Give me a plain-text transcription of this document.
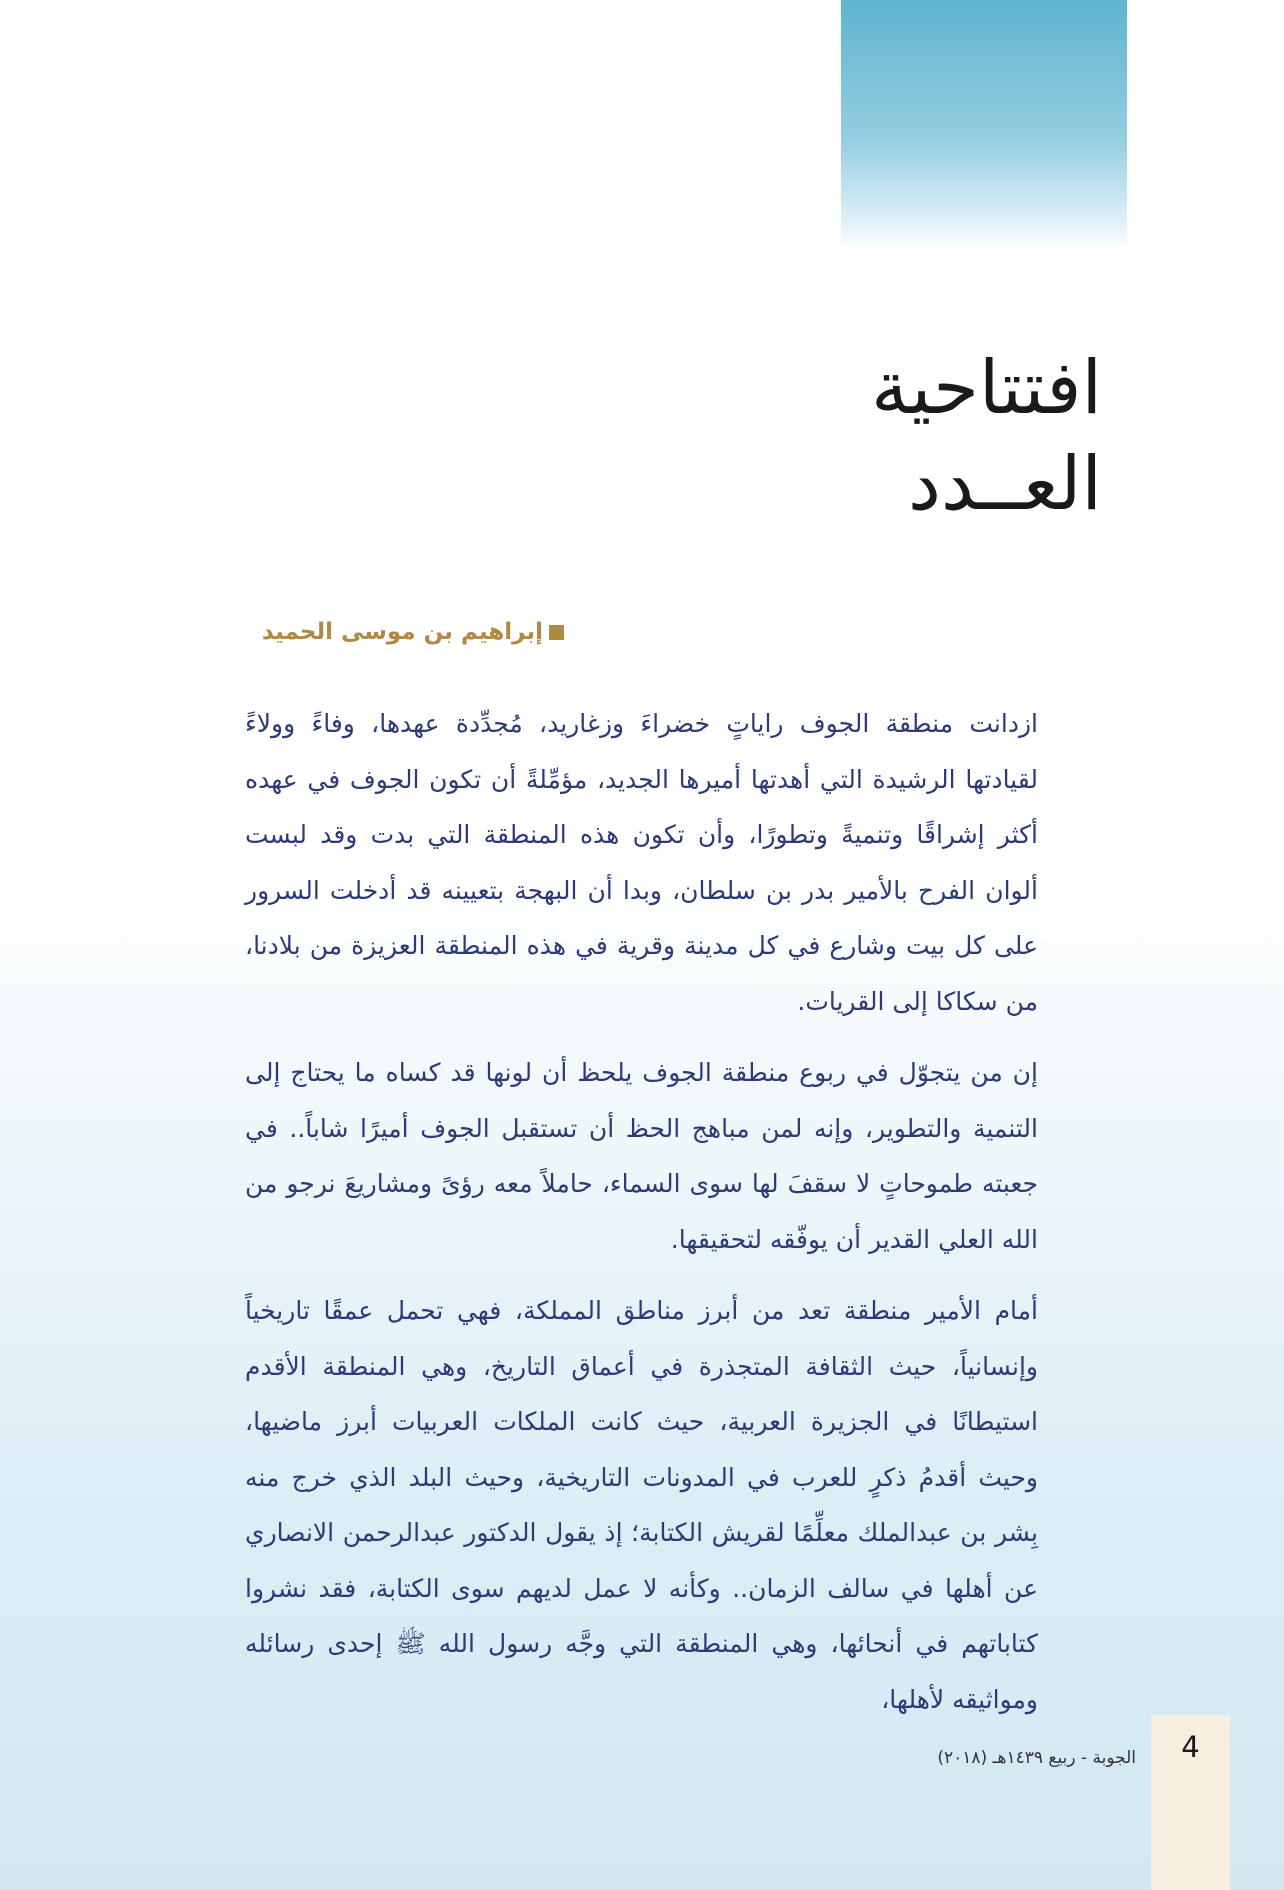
افتتاحية
العــدد
إبراهيم بن موسى الحميد

ازدانت منطقة الجوف راياتٍ خضراءَ وزغاريد، مُجدِّدة عهدها، وفاءً وولاءً لقيادتها الرشيدة التي أهدتها أميرها الجديد، مؤمِّلةً أن تكون الجوف في عهده أكثر إشراقًا وتنميةً وتطورًا، وأن تكون هذه المنطقة التي بدت وقد لبست ألوان الفرح بالأمير بدر بن سلطان، وبدا أن البهجة بتعيينه قد أدخلت السرور على كل بيت وشارع في كل مدينة وقرية في هذه المنطقة العزيزة من بلادنا، من سكاكا إلى القريات.

إن من يتجوّل في ربوع منطقة الجوف يلحظ أن لونها قد كساه ما يحتاج إلى التنمية والتطوير، وإنه لمن مباهج الحظ أن تستقبل الجوف أميرًا شاباً.. في جعبته طموحاتٍ لا سقفَ لها سوى السماء، حاملاً معه رؤىً ومشاريعَ نرجو من الله العلي القدير أن يوفّقه لتحقيقها.

أمام الأمير منطقة تعد من أبرز مناطق المملكة، فهي تحمل عمقًا تاريخياً وإنسانياً، حيث الثقافة المتجذرة في أعماق التاريخ، وهي المنطقة الأقدم استيطانًا في الجزيرة العربية، حيث كانت الملكات العربيات أبرز ماضيها، وحيث أقدمُ ذكرٍ للعرب في المدونات التاريخية، وحيث البلد الذي خرج منه بِشر بن عبدالملك معلِّمًا لقريش الكتابة؛ إذ يقول الدكتور عبدالرحمن الانصاري عن أهلها في سالف الزمان.. وكأنه لا عمل لديهم سوى الكتابة، فقد نشروا كتاباتهم في أنحائها، وهي المنطقة التي وجَّه رسول الله ﷺ إحدى رسائله ومواثيقه لأهلها،

4
الجوبة - ربيع ١٤٣٩هـ (٢٠١٨)
